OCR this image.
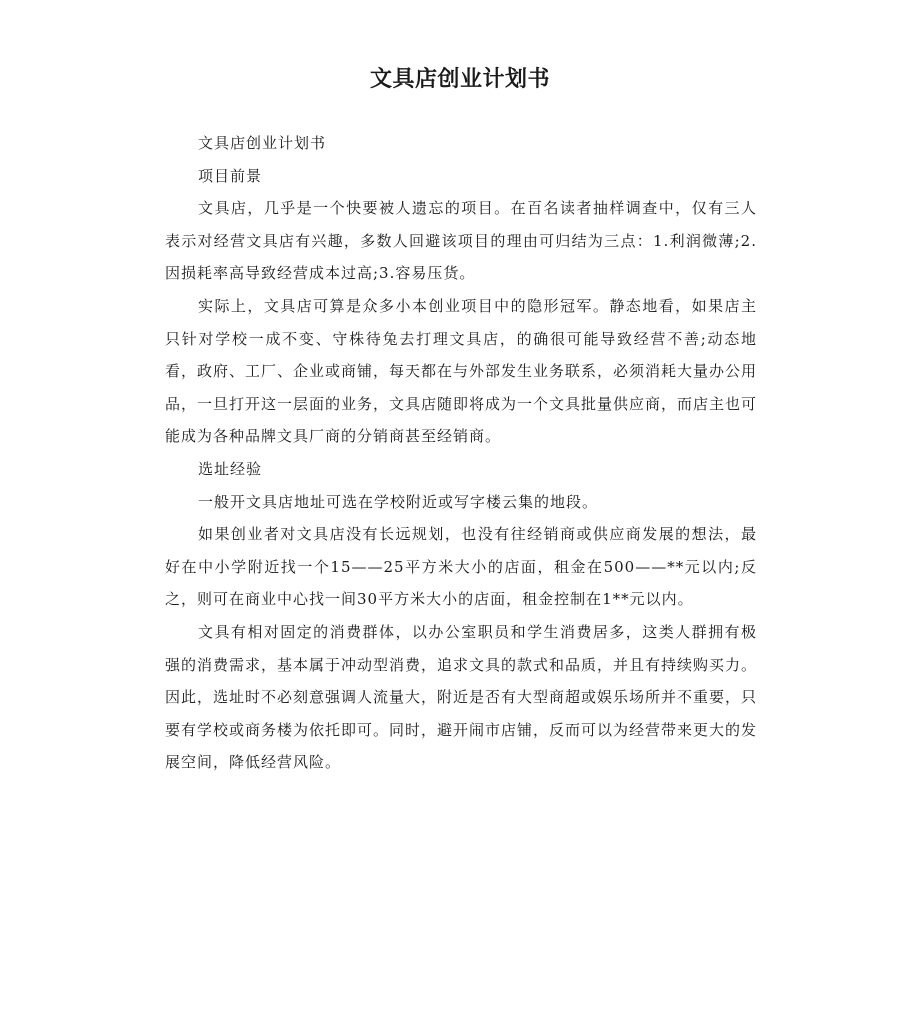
文具店创业计划书

文具店创业计划书

项目前景

文具店，几乎是一个快要被人遗忘的项目。在百名读者抽样调查中，仅有三人表示对经营文具店有兴趣，多数人回避该项目的理由可归结为三点：1.利润微薄;2.因损耗率高导致经营成本过高;3.容易压货。

实际上，文具店可算是众多小本创业项目中的隐形冠军。静态地看，如果店主只针对学校一成不变、守株待兔去打理文具店，的确很可能导致经营不善;动态地看，政府、工厂、企业或商铺，每天都在与外部发生业务联系，必须消耗大量办公用品，一旦打开这一层面的业务，文具店随即将成为一个文具批量供应商，而店主也可能成为各种品牌文具厂商的分销商甚至经销商。

选址经验

一般开文具店地址可选在学校附近或写字楼云集的地段。

如果创业者对文具店没有长远规划，也没有往经销商或供应商发展的想法，最好在中小学附近找一个15——25平方米大小的店面，租金在500——**元以内;反之，则可在商业中心找一间30平方米大小的店面，租金控制在1**元以内。

文具有相对固定的消费群体，以办公室职员和学生消费居多，这类人群拥有极强的消费需求，基本属于冲动型消费，追求文具的款式和品质，并且有持续购买力。因此，选址时不必刻意强调人流量大，附近是否有大型商超或娱乐场所并不重要，只要有学校或商务楼为依托即可。同时，避开闹市店铺，反而可以为经营带来更大的发展空间，降低经营风险。
